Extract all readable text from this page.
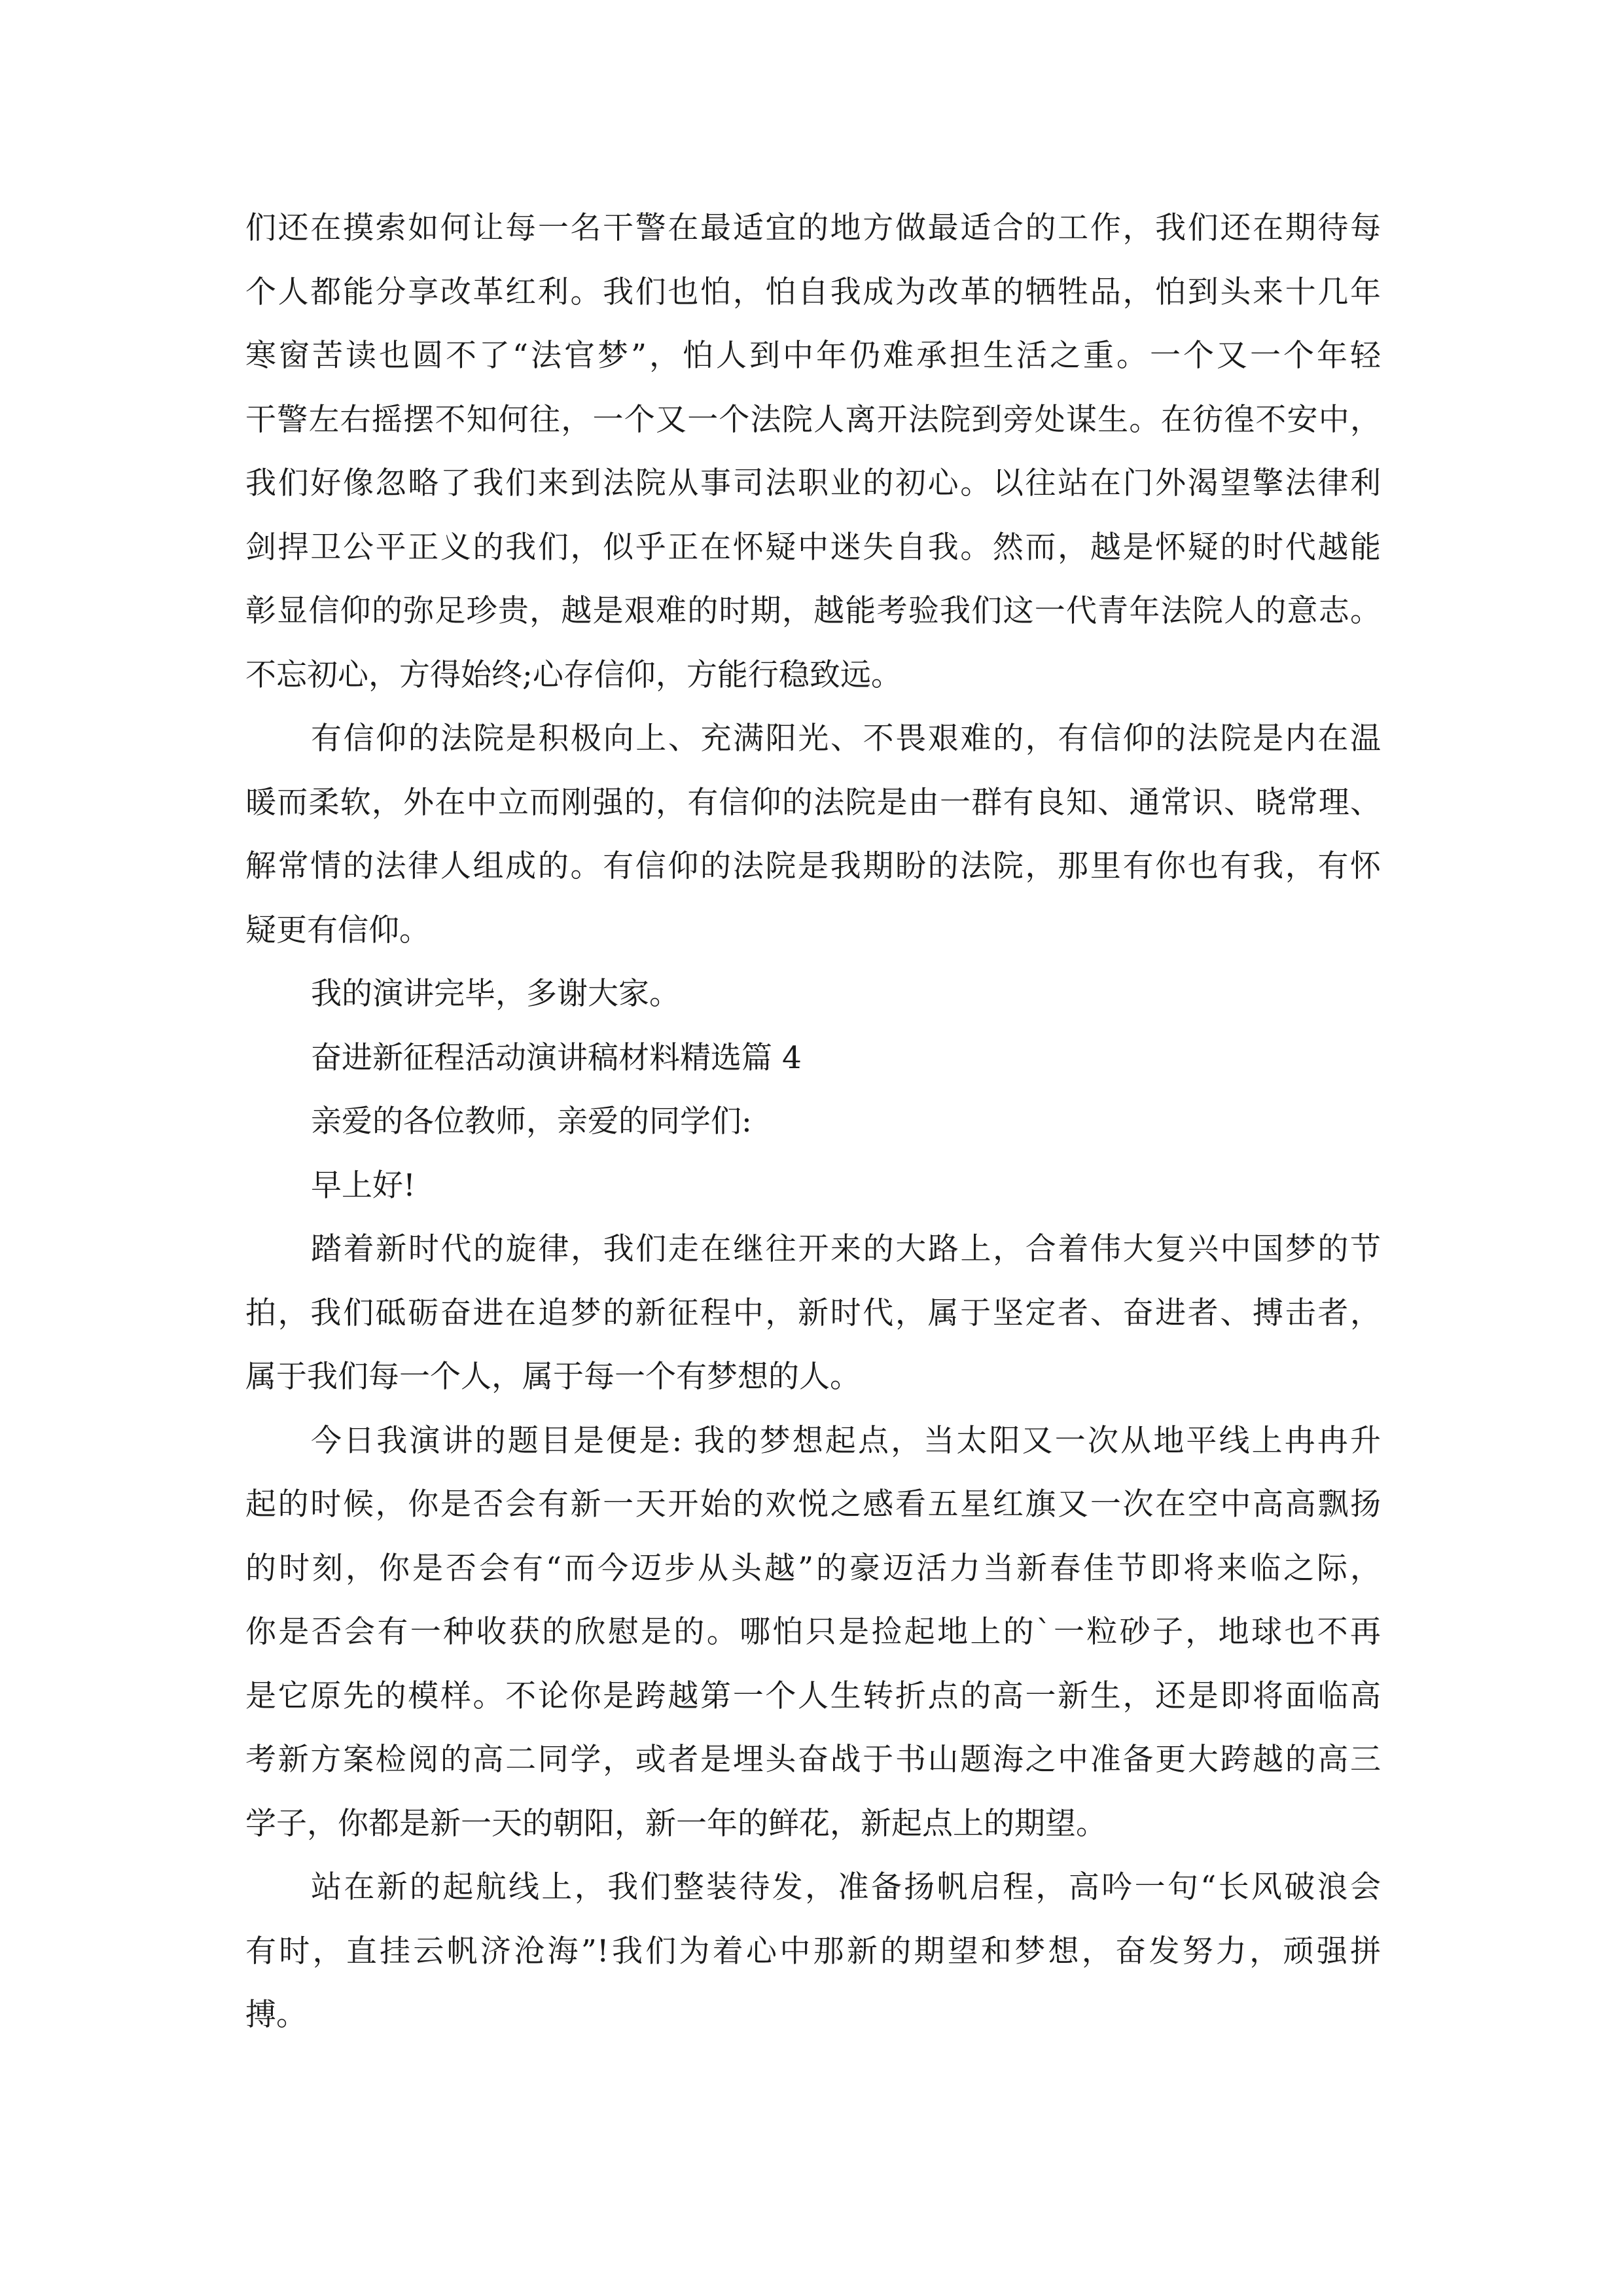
们还在摸索如何让每一名干警在最适宜的地方做最适合的工作，我们还在期待每
个人都能分享改革红利。我们也怕，怕自我成为改革的牺牲品，怕到头来十几年
寒窗苦读也圆不了“法官梦”，怕人到中年仍难承担生活之重。一个又一个年轻
干警左右摇摆不知何往，一个又一个法院人离开法院到旁处谋生。在彷徨不安中，
我们好像忽略了我们来到法院从事司法职业的初心。以往站在门外渴望擎法律利
剑捍卫公平正义的我们，似乎正在怀疑中迷失自我。然而，越是怀疑的时代越能
彰显信仰的弥足珍贵，越是艰难的时期，越能考验我们这一代青年法院人的意志。
不忘初心，方得始终;心存信仰，方能行稳致远。
有信仰的法院是积极向上、充满阳光、不畏艰难的，有信仰的法院是内在温
暖而柔软，外在中立而刚强的，有信仰的法院是由一群有良知、通常识、晓常理、
解常情的法律人组成的。有信仰的法院是我期盼的法院，那里有你也有我，有怀
疑更有信仰。
我的演讲完毕，多谢大家。
奋进新征程活动演讲稿材料精选篇 4
亲爱的各位教师，亲爱的同学们:
早上好!
踏着新时代的旋律，我们走在继往开来的大路上，合着伟大复兴中国梦的节
拍，我们砥砺奋进在追梦的新征程中，新时代，属于坚定者、奋进者、搏击者，
属于我们每一个人，属于每一个有梦想的人。
今日我演讲的题目是便是: 我的梦想起点，当太阳又一次从地平线上冉冉升
起的时候，你是否会有新一天开始的欢悦之感看五星红旗又一次在空中高高飘扬
的时刻，你是否会有“而今迈步从头越”的豪迈活力当新春佳节即将来临之际，
你是否会有一种收获的欣慰是的。哪怕只是捡起地上的`一粒砂子，地球也不再
是它原先的模样。不论你是跨越第一个人生转折点的高一新生，还是即将面临高
考新方案检阅的高二同学，或者是埋头奋战于书山题海之中准备更大跨越的高三
学子，你都是新一天的朝阳，新一年的鲜花，新起点上的期望。
站在新的起航线上，我们整装待发，准备扬帆启程，高吟一句“长风破浪会
有时，直挂云帆济沧海”!我们为着心中那新的期望和梦想，奋发努力，顽强拼
搏。
